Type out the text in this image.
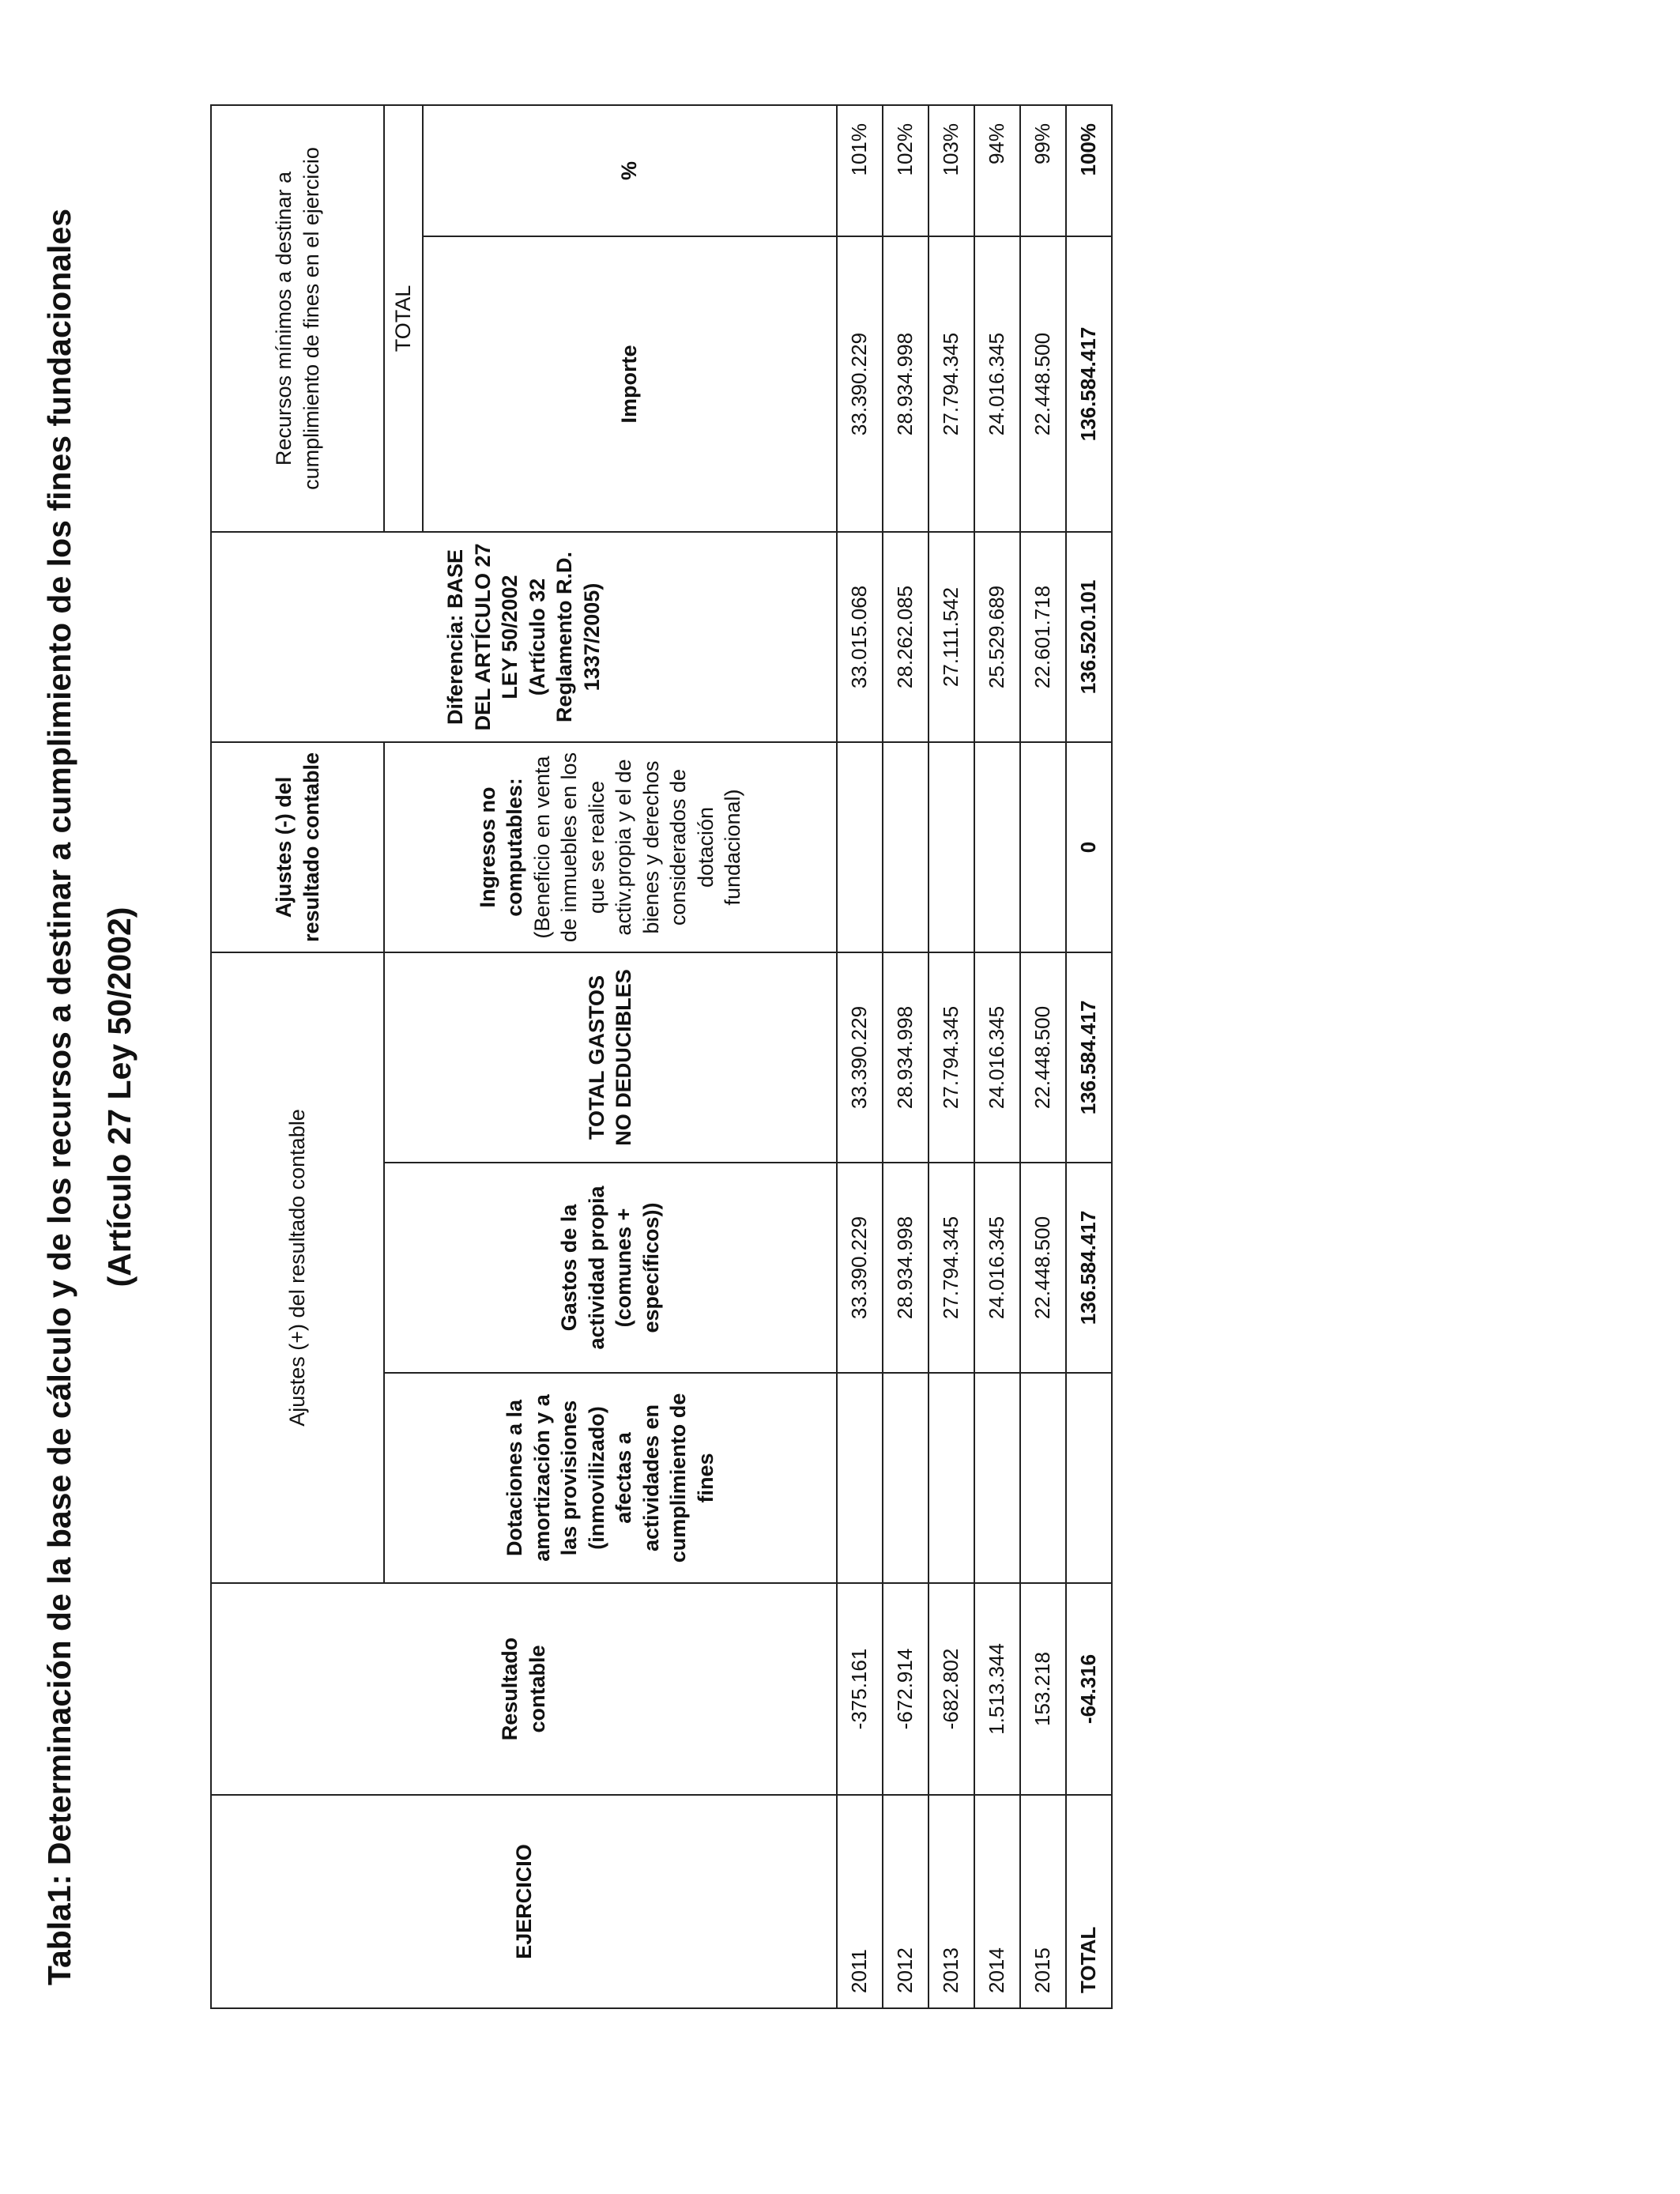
Tabla1: Determinación de la base de cálculo y de los recursos a destinar a cumplimiento de los fines fundacionales (Artículo 27 Ley 50/2002)
EJERCICIO	Resultado contable	Ajustes (+) del resultado contable			Ajustes (-) del resultado contable	Diferencia: BASE DEL ARTÍCULO 27 LEY 50/2002 (Artículo 32 Reglamento R.D. 1337/2005)	Recursos mínimos a destinar a cumplimiento de fines en el ejercicio	
		Dotaciones a la amortización y a las provisiones (inmovilizado) afectas a actividades en cumplimiento de fines	Gastos de la actividad propia (comunes + específicos))	TOTAL GASTOS NO DEDUCIBLES	Ingresos no computables: (Beneficio en venta de inmuebles en los que se realice activ.propia y el de bienes y derechos considerados de dotación fundacional)		TOTAL	
							Importe	%
2011	-375.161		33.390.229	33.390.229		33.015.068	33.390.229	101%
2012	-672.914		28.934.998	28.934.998		28.262.085	28.934.998	102%
2013	-682.802		27.794.345	27.794.345		27.111.542	27.794.345	103%
2014	1.513.344		24.016.345	24.016.345		25.529.689	24.016.345	94%
2015	153.218		22.448.500	22.448.500		22.601.718	22.448.500	99%
TOTAL	-64.316		136.584.417	136.584.417	0	136.520.101	136.584.417	100%
